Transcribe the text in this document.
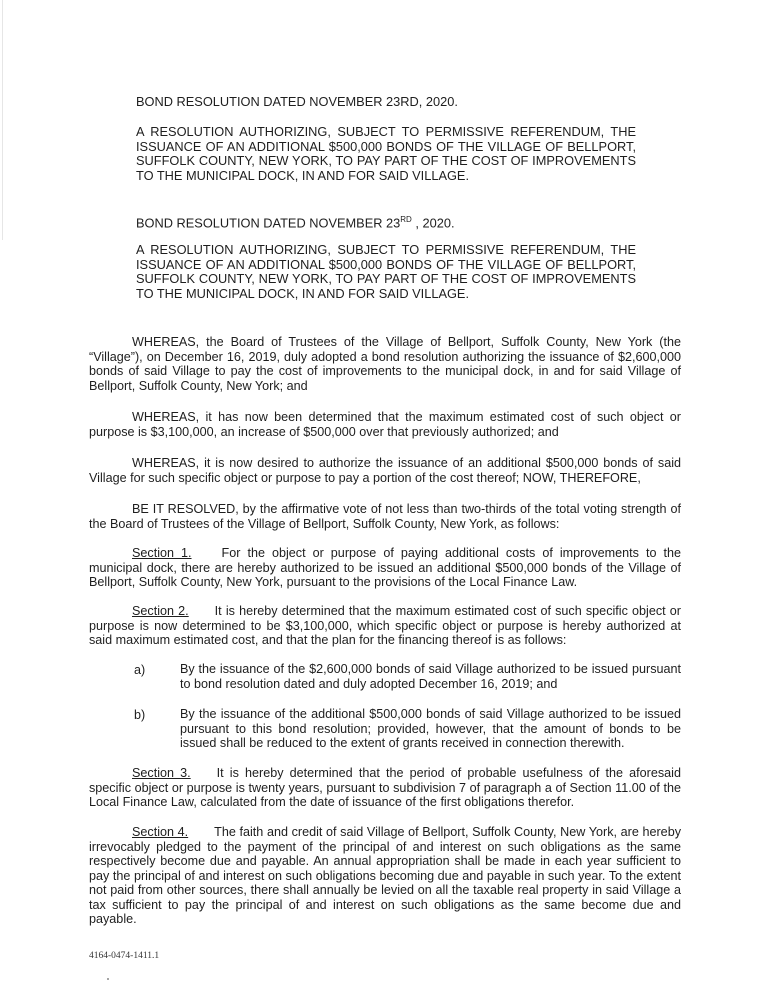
BOND RESOLUTION DATED NOVEMBER 23RD, 2020.

A RESOLUTION AUTHORIZING, SUBJECT TO PERMISSIVE REFERENDUM, THE ISSUANCE OF AN ADDITIONAL $500,000 BONDS OF THE VILLAGE OF BELLPORT, SUFFOLK COUNTY, NEW YORK, TO PAY PART OF THE COST OF IMPROVEMENTS TO THE MUNICIPAL DOCK, IN AND FOR SAID VILLAGE.

BOND RESOLUTION DATED NOVEMBER 23RD , 2020.

A RESOLUTION AUTHORIZING, SUBJECT TO PERMISSIVE REFERENDUM, THE ISSUANCE OF AN ADDITIONAL $500,000 BONDS OF THE VILLAGE OF BELLPORT, SUFFOLK COUNTY, NEW YORK, TO PAY PART OF THE COST OF IMPROVEMENTS TO THE MUNICIPAL DOCK, IN AND FOR SAID VILLAGE.

WHEREAS, the Board of Trustees of the Village of Bellport, Suffolk County, New York (the “Village”), on December 16, 2019, duly adopted a bond resolution authorizing the issuance of $2,600,000 bonds of said Village to pay the cost of improvements to the municipal dock, in and for said Village of Bellport, Suffolk County, New York; and

WHEREAS, it has now been determined that the maximum estimated cost of such object or purpose is $3,100,000, an increase of $500,000 over that previously authorized; and

WHEREAS, it is now desired to authorize the issuance of an additional $500,000 bonds of said Village for such specific object or purpose to pay a portion of the cost thereof; NOW, THEREFORE,

BE IT RESOLVED, by the affirmative vote of not less than two-thirds of the total voting strength of the Board of Trustees of the Village of Bellport, Suffolk County, New York, as follows:

Section 1. For the object or purpose of paying additional costs of improvements to the municipal dock, there are hereby authorized to be issued an additional $500,000 bonds of the Village of Bellport, Suffolk County, New York, pursuant to the provisions of the Local Finance Law.

Section 2. It is hereby determined that the maximum estimated cost of such specific object or purpose is now determined to be $3,100,000, which specific object or purpose is hereby authorized at said maximum estimated cost, and that the plan for the financing thereof is as follows:

a)	By the issuance of the $2,600,000 bonds of said Village authorized to be issued pursuant to bond resolution dated and duly adopted December 16, 2019; and

b)	By the issuance of the additional $500,000 bonds of said Village authorized to be issued pursuant to this bond resolution; provided, however, that the amount of bonds to be issued shall be reduced to the extent of grants received in connection therewith.

Section 3. It is hereby determined that the period of probable usefulness of the aforesaid specific object or purpose is twenty years, pursuant to subdivision 7 of paragraph a of Section 11.00 of the Local Finance Law, calculated from the date of issuance of the first obligations therefor.

Section 4. The faith and credit of said Village of Bellport, Suffolk County, New York, are hereby irrevocably pledged to the payment of the principal of and interest on such obligations as the same respectively become due and payable. An annual appropriation shall be made in each year sufficient to pay the principal of and interest on such obligations becoming due and payable in such year. To the extent not paid from other sources, there shall annually be levied on all the taxable real property in said Village a tax sufficient to pay the principal of and interest on such obligations as the same become due and payable.

4164-0474-1411.1
